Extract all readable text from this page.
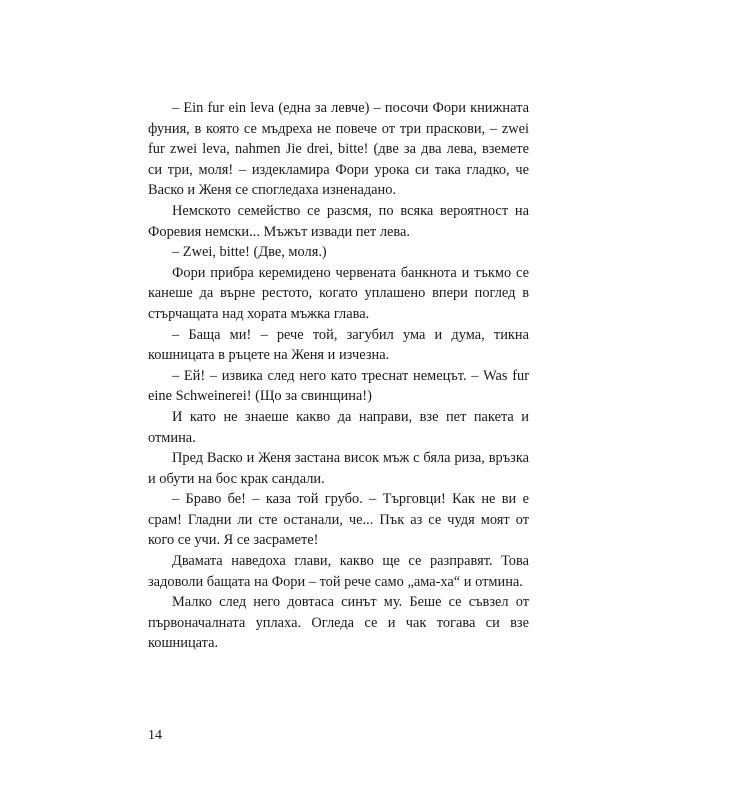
– Ein fur ein leva (една за левче) – посочи Фори книжната фуния, в която се мъдреха не повече от три праскови, – zwei fur zwei leva, nahmen Jie drei, bitte! (две за два лева, вземете си три, моля! – издекламира Фори урока си така гладко, че Васко и Женя се спогледаха изненадано.

Немското семейство се разсмя, по всяка вероятност на Форевия немски... Мъжът извади пет лева.

– Zwei, bitte! (Две, моля.)

Фори прибра керемидено червената банкнота и тъкмо се канеше да върне рестото, когато уплашено впери поглед в стърчащата над хората мъжка глава.

– Баща ми! – рече той, загубил ума и дума, тикна кошницата в ръцете на Женя и изчезна.

– Ей! – извика след него като треснат немецът. – Was fur eine Schweinerei! (Що за свинщина!)

И като не знаеше какво да направи, взе пет пакета и отмина.

Пред Васко и Женя застана висок мъж с бяла риза, връзка и обути на бос крак сандали.

– Браво бе! – каза той грубо. – Търговци! Как не ви е срам! Гладни ли сте останали, че... Пък аз се чудя моят от кого се учи. Я се засрамете!

Двамата наведоха глави, какво ще се разправят. Това задоволи бащата на Фори – той рече само „ама-ха“ и отмина.

Малко след него довтаса синът му. Беше се съвзел от първоначалната уплаха. Огледа се и чак тогава си взе кошницата.

14
